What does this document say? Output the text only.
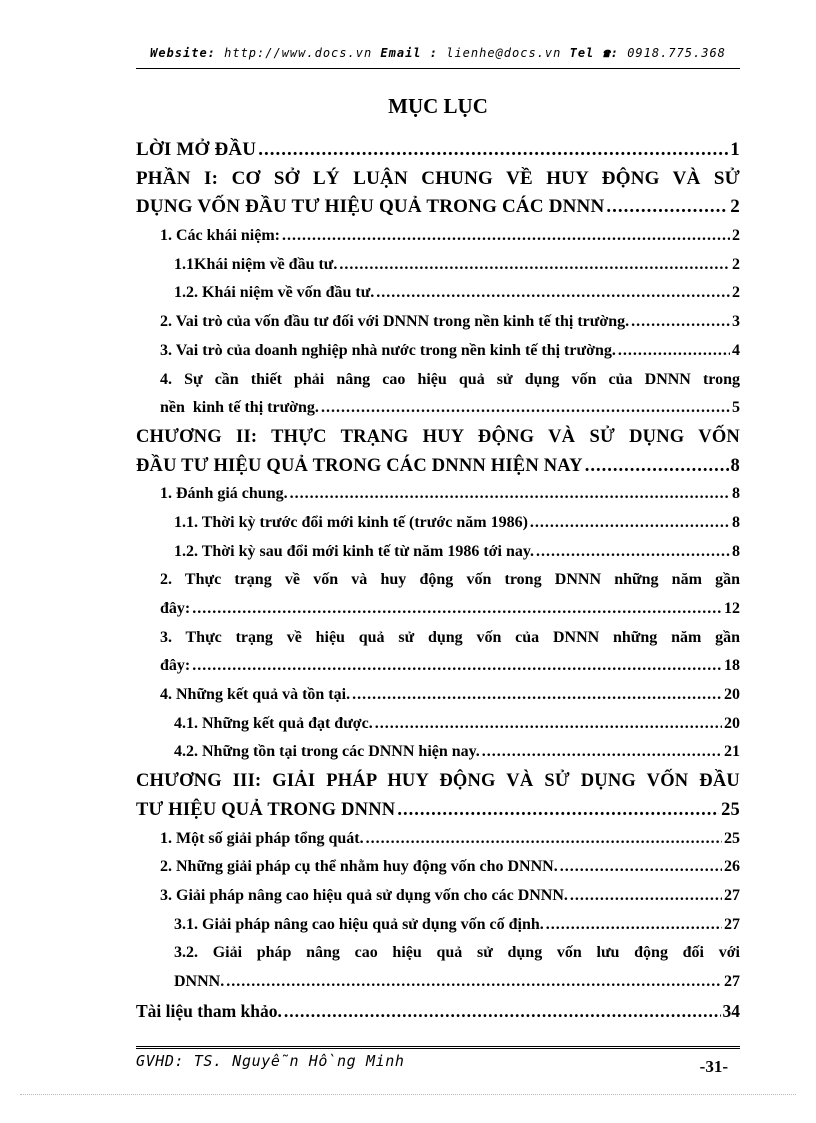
Website: http://www.docs.vn Email : lienhe@docs.vn Tel ☎: 0918.775.368
MỤC LỤC
LỜI MỞ ĐẦU .....	1
PHẦN I: CƠ SỞ LÝ LUẬN CHUNG VỀ HUY ĐỘNG VÀ SỬ
DỤNG VỐN ĐẦU TƯ HIỆU QUẢ TRONG CÁC DNNN .....	2
1. Các khái niệm: .....	2
1.1Khái niệm về đầu tư. .....	2
1.2. Khái niệm về vốn đầu tư. .....	2
2. Vai trò của vốn đầu tư đối với DNNN trong nền kinh tế thị trường. .....	3
3. Vai trò của doanh nghiệp nhà nước trong nền kinh tế thị trường. .....	4
4. Sự cần thiết phải nâng cao hiệu quả sử dụng vốn của DNNN trong
nền  kinh tế thị trường. .....	5
CHƯƠNG II: THỰC TRẠNG HUY ĐỘNG VÀ SỬ DỤNG VỐN
ĐẦU TƯ HIỆU QUẢ TRONG CÁC DNNN HIỆN NAY .....	8
1. Đánh giá chung. .....	8
1.1. Thời kỳ trước đổi mới kinh tế (trước năm 1986) .....	8
1.2. Thời kỳ sau đổi mới kinh tế từ năm 1986 tới nay. .....	8
2. Thực trạng về vốn và huy động vốn trong DNNN những năm gần
đây: .....	12
3. Thực trạng về hiệu quả sử dụng vốn của DNNN những năm gần
đây: .....	18
4. Những kết quả và tồn tại. .....	20
4.1. Những kết quả đạt được. .....	20
4.2. Những tồn tại trong các DNNN hiện nay. .....	21
CHƯƠNG III: GIẢI PHÁP HUY ĐỘNG VÀ SỬ DỤNG VỐN ĐẦU
TƯ HIỆU QUẢ TRONG DNNN .....	25
1. Một số giải pháp tổng quát. .....	25
2. Những giải pháp cụ thể nhằm huy động vốn cho DNNN. .....	26
3. Giải pháp nâng cao hiệu quả sử dụng vốn cho các DNNN. .....	27
3.1. Giải pháp nâng cao hiệu quả sử dụng vốn cố định. .....	27
3.2. Giải pháp nâng cao hiệu quả sử dụng vốn lưu động đối với
DNNN. .....	27
Tài liệu tham khảo. .....	34
GVHD: TS. Nguyễn Hồng Minh	-31-
